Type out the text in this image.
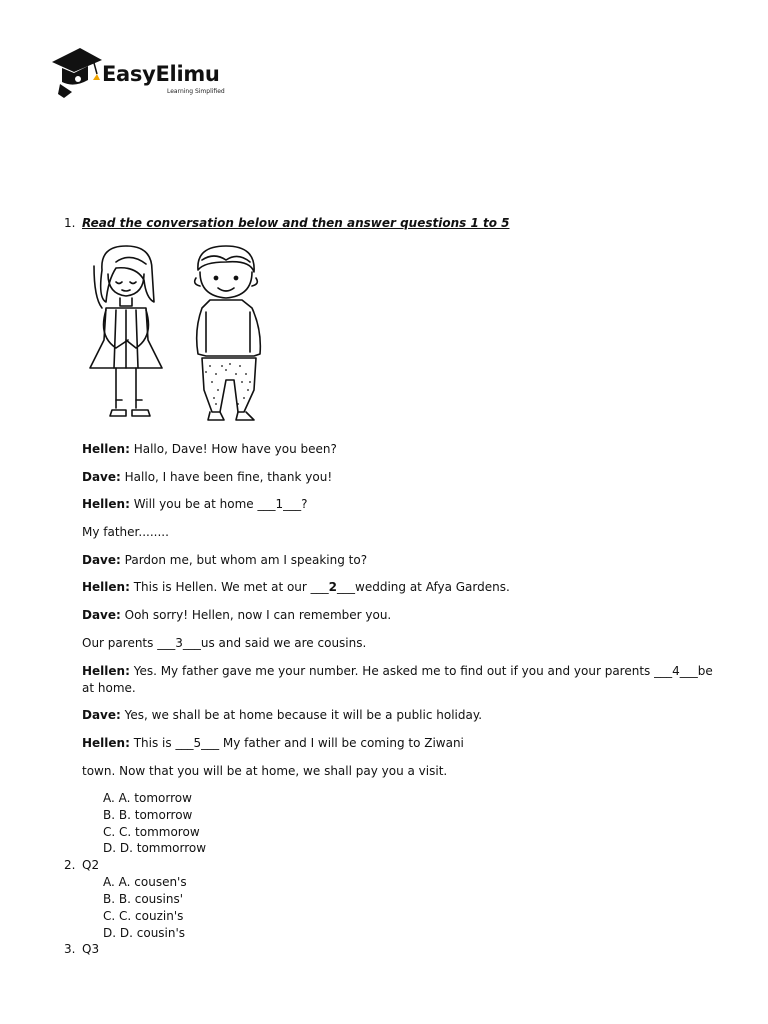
EasyElimu
Learning Simplified
1. Read the conversation below and then answer questions 1 to 5
Hellen: Hallo, Dave! How have you been?
Dave: Hallo, I have been fine, thank you!
Hellen: Will you be at home ___1___?
My father........
Dave: Pardon me, but whom am I speaking to?
Hellen: This is Hellen. We met at our ___2___wedding at Afya Gardens.
Dave: Ooh sorry! Hellen, now I can remember you.
Our parents ___3___us and said we are cousins.
Hellen: Yes. My father gave me your number. He asked me to find out if you and your parents ___4___be at home.
Dave: Yes, we shall be at home because it will be a public holiday.
Hellen: This is ___5___ My father and I will be coming to Ziwani
town. Now that you will be at home, we shall pay you a visit.
A. A. tomorrow
B. B. tomorrow
C. C. tommorow
D. D. tommorrow
2. Q2
A. A. cousen's
B. B. cousins'
C. C. couzin's
D. D. cousin's
3. Q3
